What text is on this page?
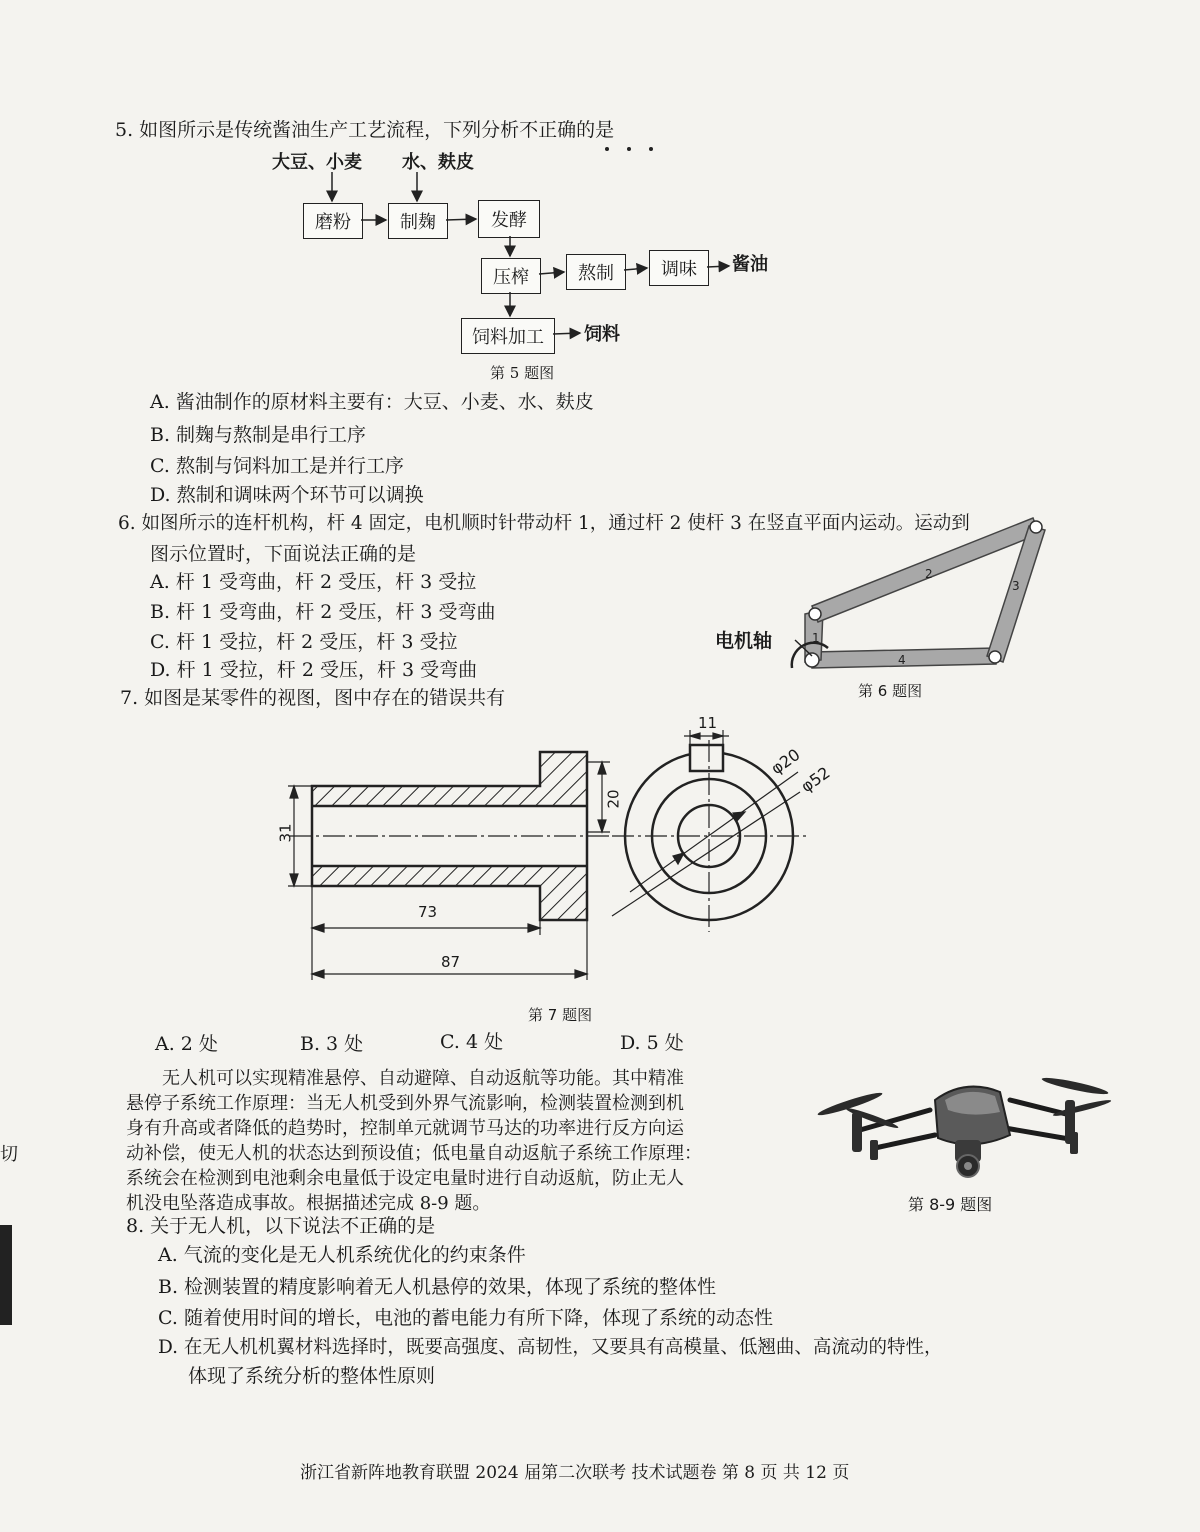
切
5. 如图所示是传统酱油生产工艺流程，下列分析不正确的是
大豆、小麦 水、麸皮
磨粉	制麹	发酵
压榨	熬制	调味
饲料加工
酱油
饲料
第 5 题图
A. 酱油制作的原材料主要有：大豆、小麦、水、麸皮
B. 制麹与熬制是串行工序
C. 熬制与饲料加工是并行工序
D. 熬制和调味两个环节可以调换
6. 如图所示的连杆机构，杆 4 固定，电机顺时针带动杆 1，通过杆 2 使杆 3 在竖直平面内运动。运动到
图示位置时，下面说法正确的是
A. 杆 1 受弯曲，杆 2 受压，杆 3 受拉
B. 杆 1 受弯曲，杆 2 受压，杆 3 受弯曲
C. 杆 1 受拉，杆 2 受压，杆 3 受拉
D. 杆 1 受拉，杆 2 受压，杆 3 受弯曲
1
2
3
4
电机轴
第 6 题图
7. 如图是某零件的视图，图中存在的错误共有
31
20
73
87
11
φ20
φ52
第 7 题图
A. 2 处	B. 3 处	C. 4 处	D. 5 处
无人机可以实现精准悬停、自动避障、自动返航等功能。其中精准
悬停子系统工作原理：当无人机受到外界气流影响，检测装置检测到机
身有升高或者降低的趋势时，控制单元就调节马达的功率进行反方向运
动补偿，使无人机的状态达到预设值；低电量自动返航子系统工作原理：
系统会在检测到电池剩余电量低于设定电量时进行自动返航，防止无人
机没电坠落造成事故。根据描述完成 8-9 题。	第 8-9 题图
8. 关于无人机，以下说法不正确的是
A. 气流的变化是无人机系统优化的约束条件
B. 检测装置的精度影响着无人机悬停的效果，体现了系统的整体性
C. 随着使用时间的增长，电池的蓄电能力有所下降，体现了系统的动态性
D. 在无人机机翼材料选择时，既要高强度、高韧性，又要具有高模量、低翘曲、高流动的特性，
体现了系统分析的整体性原则
浙江省新阵地教育联盟 2024 届第二次联考 技术试题卷 第 8 页 共 12 页
